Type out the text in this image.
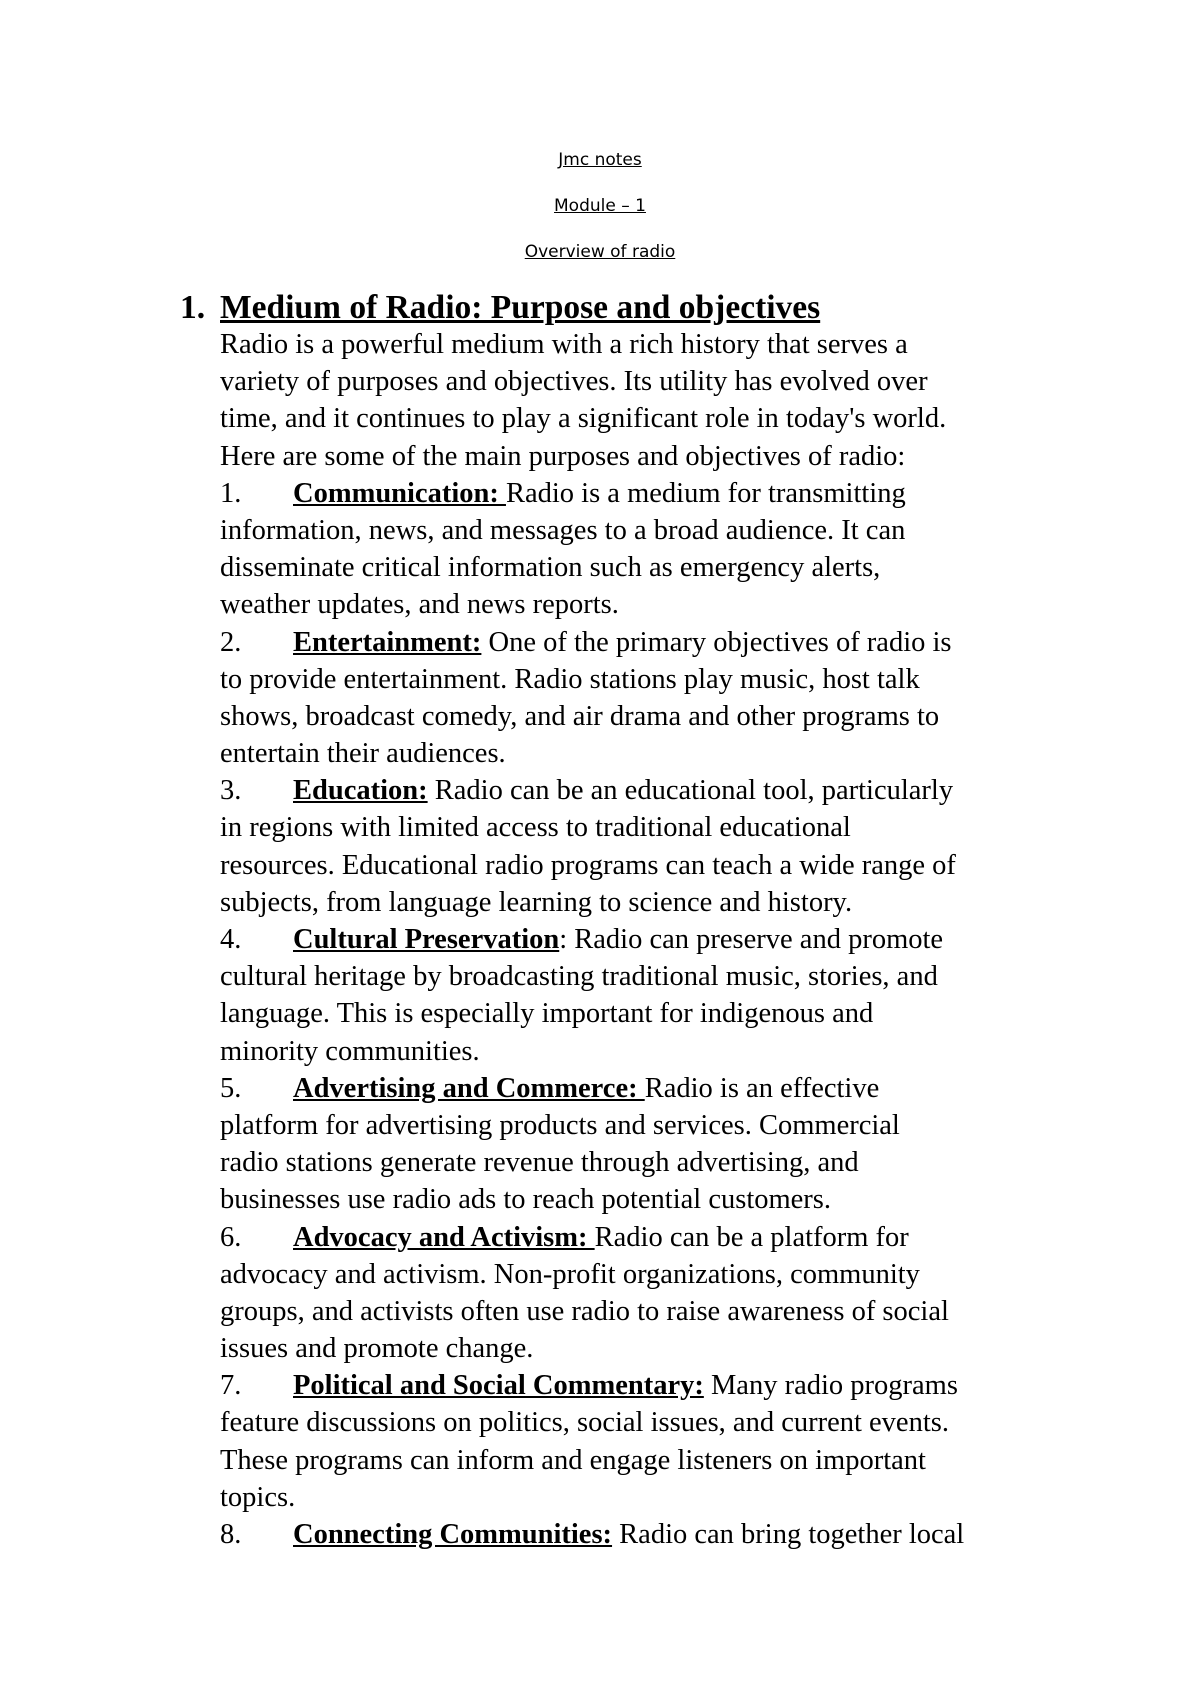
Jmc notes
Module – 1
Overview of radio
1. Medium of Radio: Purpose and objectives
Radio is a powerful medium with a rich history that serves a
variety of purposes and objectives. Its utility has evolved over
time, and it continues to play a significant role in today's world.
Here are some of the main purposes and objectives of radio:
1. Communication: Radio is a medium for transmitting
information, news, and messages to a broad audience. It can
disseminate critical information such as emergency alerts,
weather updates, and news reports.
2. Entertainment: One of the primary objectives of radio is
to provide entertainment. Radio stations play music, host talk
shows, broadcast comedy, and air drama and other programs to
entertain their audiences.
3. Education: Radio can be an educational tool, particularly
in regions with limited access to traditional educational
resources. Educational radio programs can teach a wide range of
subjects, from language learning to science and history.
4. Cultural Preservation: Radio can preserve and promote
cultural heritage by broadcasting traditional music, stories, and
language. This is especially important for indigenous and
minority communities.
5. Advertising and Commerce: Radio is an effective
platform for advertising products and services. Commercial
radio stations generate revenue through advertising, and
businesses use radio ads to reach potential customers.
6. Advocacy and Activism: Radio can be a platform for
advocacy and activism. Non-profit organizations, community
groups, and activists often use radio to raise awareness of social
issues and promote change.
7. Political and Social Commentary: Many radio programs
feature discussions on politics, social issues, and current events.
These programs can inform and engage listeners on important
topics.
8. Connecting Communities: Radio can bring together local
